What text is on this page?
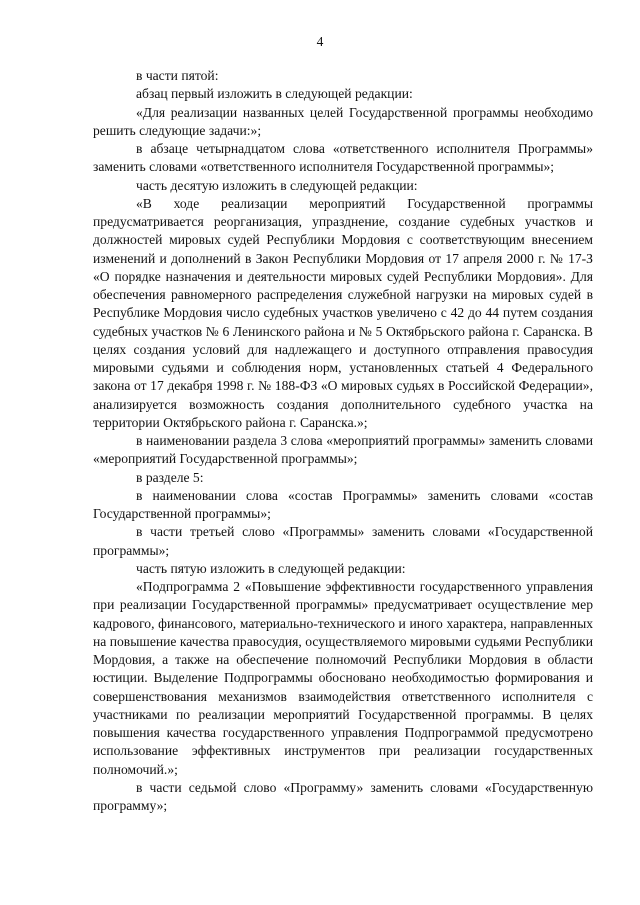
4

в части пятой:

абзац первый изложить в следующей редакции:

«Для реализации названных целей Государственной программы необходимо решить следующие задачи:»;

в абзаце четырнадцатом слова «ответственного исполнителя Программы» заменить словами «ответственного исполнителя Государственной программы»;

часть десятую изложить в следующей редакции:

«В ходе реализации мероприятий Государственной программы предусматривается реорганизация, упразднение, создание судебных участков и должностей мировых судей Республики Мордовия с соответствующим внесением изменений и дополнений в Закон Республики Мордовия от 17 апреля 2000 г. № 17-З «О порядке назначения и деятельности мировых судей Республики Мордовия». Для обеспечения равномерного распределения служебной нагрузки на мировых судей в Республике Мордовия число судебных участков увеличено с 42 до 44 путем создания судебных участков № 6 Ленинского района и № 5 Октябрьского района г. Саранска. В целях создания условий для надлежащего и доступного отправления правосудия мировыми судьями и соблюдения норм, установленных статьей 4 Федерального закона от 17 декабря 1998 г. № 188-ФЗ «О мировых судьях в Российской Федерации», анализируется возможность создания дополнительного судебного участка на территории Октябрьского района г. Саранска.»;

в наименовании раздела 3 слова «мероприятий программы» заменить словами «мероприятий Государственной программы»;

в разделе 5:

в наименовании слова «состав Программы» заменить словами «состав Государственной программы»;

в части третьей слово «Программы» заменить словами «Государственной программы»;

часть пятую изложить в следующей редакции:

«Подпрограмма 2 «Повышение эффективности государственного управления при реализации Государственной программы» предусматривает осуществление мер кадрового, финансового, материально-технического и иного характера, направленных на повышение качества правосудия, осуществляемого мировыми судьями Республики Мордовия, а также на обеспечение полномочий Республики Мордовия в области юстиции. Выделение Подпрограммы обосновано необходимостью формирования и совершенствования механизмов взаимодействия ответственного исполнителя с участниками по реализации мероприятий Государственной программы. В целях повышения качества государственного управления Подпрограммой предусмотрено использование эффективных инструментов при реализации государственных полномочий.»;

в части седьмой слово «Программу» заменить словами «Государственную программу»;
